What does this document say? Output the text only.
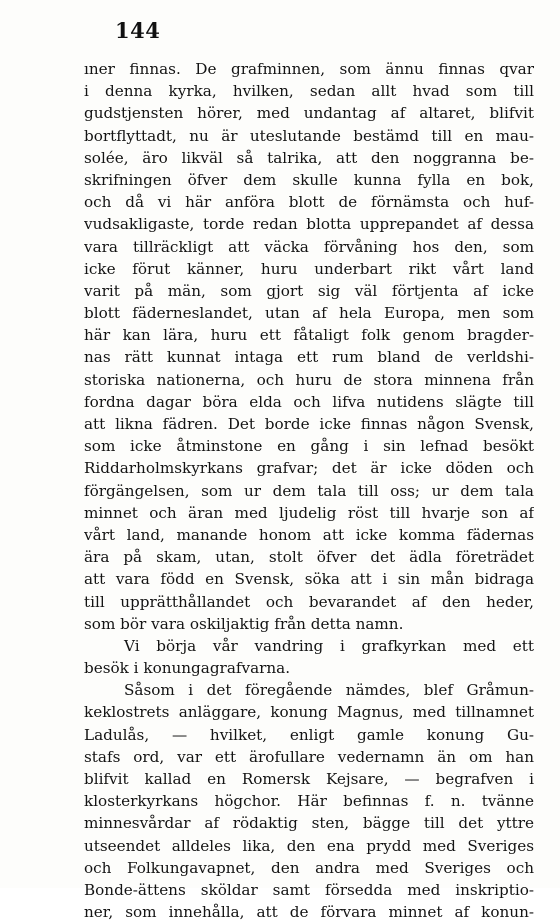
144
ıner finnas. De grafminnen, som ännu finnas qvar
i denna kyrka, hvilken, sedan allt hvad som till
gudstjensten hörer, med undantag af altaret, blifvit
bortflyttadt, nu är uteslutande bestämd till en mau-
solée, äro likväl så talrika, att den noggranna be-
skrifningen öfver dem skulle kunna fylla en bok,
och då vi här anföra blott de förnämsta och huf-
vudsakligaste, torde redan blotta upprepandet af dessa
vara tillräckligt att väcka förvåning hos den, som
icke förut känner, huru underbart rikt vårt land
varit på män, som gjort sig väl förtjenta af icke
blott fäderneslandet, utan af hela Europa, men som
här kan lära, huru ett fåtaligt folk genom bragder-
nas rätt kunnat intaga ett rum bland de verldshi-
storiska nationerna, och huru de stora minnena från
fordna dagar böra elda och lifva nutidens slägte till
att likna fädren. Det borde icke finnas någon Svensk,
som icke åtminstone en gång i sin lefnad besökt
Riddarholmskyrkans grafvar; det är icke döden och
förgängelsen, som ur dem tala till oss; ur dem tala
minnet och äran med ljudelig röst till hvarje son af
vårt land, manande honom att icke komma fädernas
ära på skam, utan, stolt öfver det ädla företrädet
att vara född en Svensk, söka att i sin mån bidraga
till upprätthållandet och bevarandet af den heder,
som bör vara oskiljaktig från detta namn.
Vi börja vår vandring i grafkyrkan med ett
besök i konungagrafvarna.
Såsom i det föregående nämdes, blef Gråmun-
keklostrets anläggare, konung Magnus, med tillnamnet
Ladulås, — hvilket, enligt gamle konung Gu-
stafs ord, var ett ärofullare vedernamn än om han
blifvit kallad en Romersk Kejsare, — begrafven i
klosterkyrkans högchor. Här befinnas f. n. tvänne
minnesvårdar af rödaktig sten, bägge till det yttre
utseendet alldeles lika, den ena prydd med Sveriges
och Folkungavapnet, den andra med Sveriges och
Bonde-ättens sköldar samt försedda med inskriptio-
ner, som innehålla, att de förvara minnet af konun-
